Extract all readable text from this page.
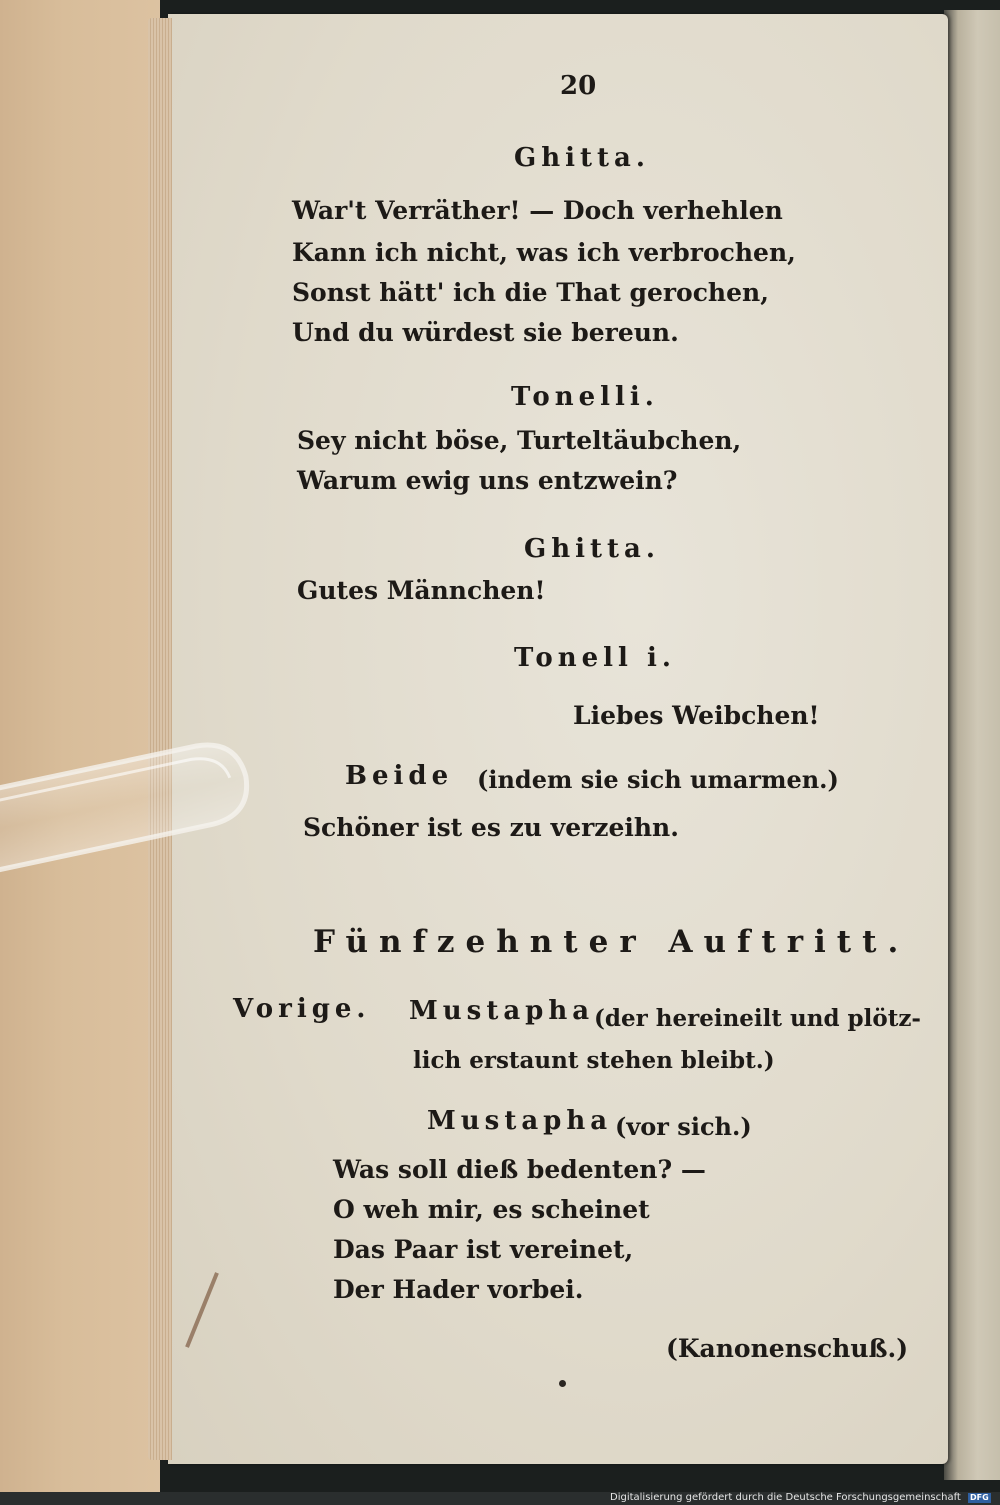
20

Ghitta.

War't Verräther! — Doch verhehlen

Kann ich nicht, was ich verbrochen,

Sonst hätt' ich die That gerochen,

Und du würdest sie bereun.

Tonelli.

Sey nicht böse, Turteltäubchen,

Warum ewig uns entzwein?

Ghitta.

Gutes Männchen!

Tonell i.

Liebes Weibchen!

Beide (indem sie sich umarmen.)

Schöner ist es zu verzeihn.

Fünfzehnter Auftritt.

Vorige. Mustapha (der hereineilt und plötz-

lich erstaunt stehen bleibt.)

Mustapha (vor sich.)

Was soll dieß bedenten? —

O weh mir, es scheinet

Das Paar ist vereinet,

Der Hader vorbei.

(Kanonenschuß.)

Digitalisierung gefördert durch die Deutsche Forschungsgemeinschaft DFG
